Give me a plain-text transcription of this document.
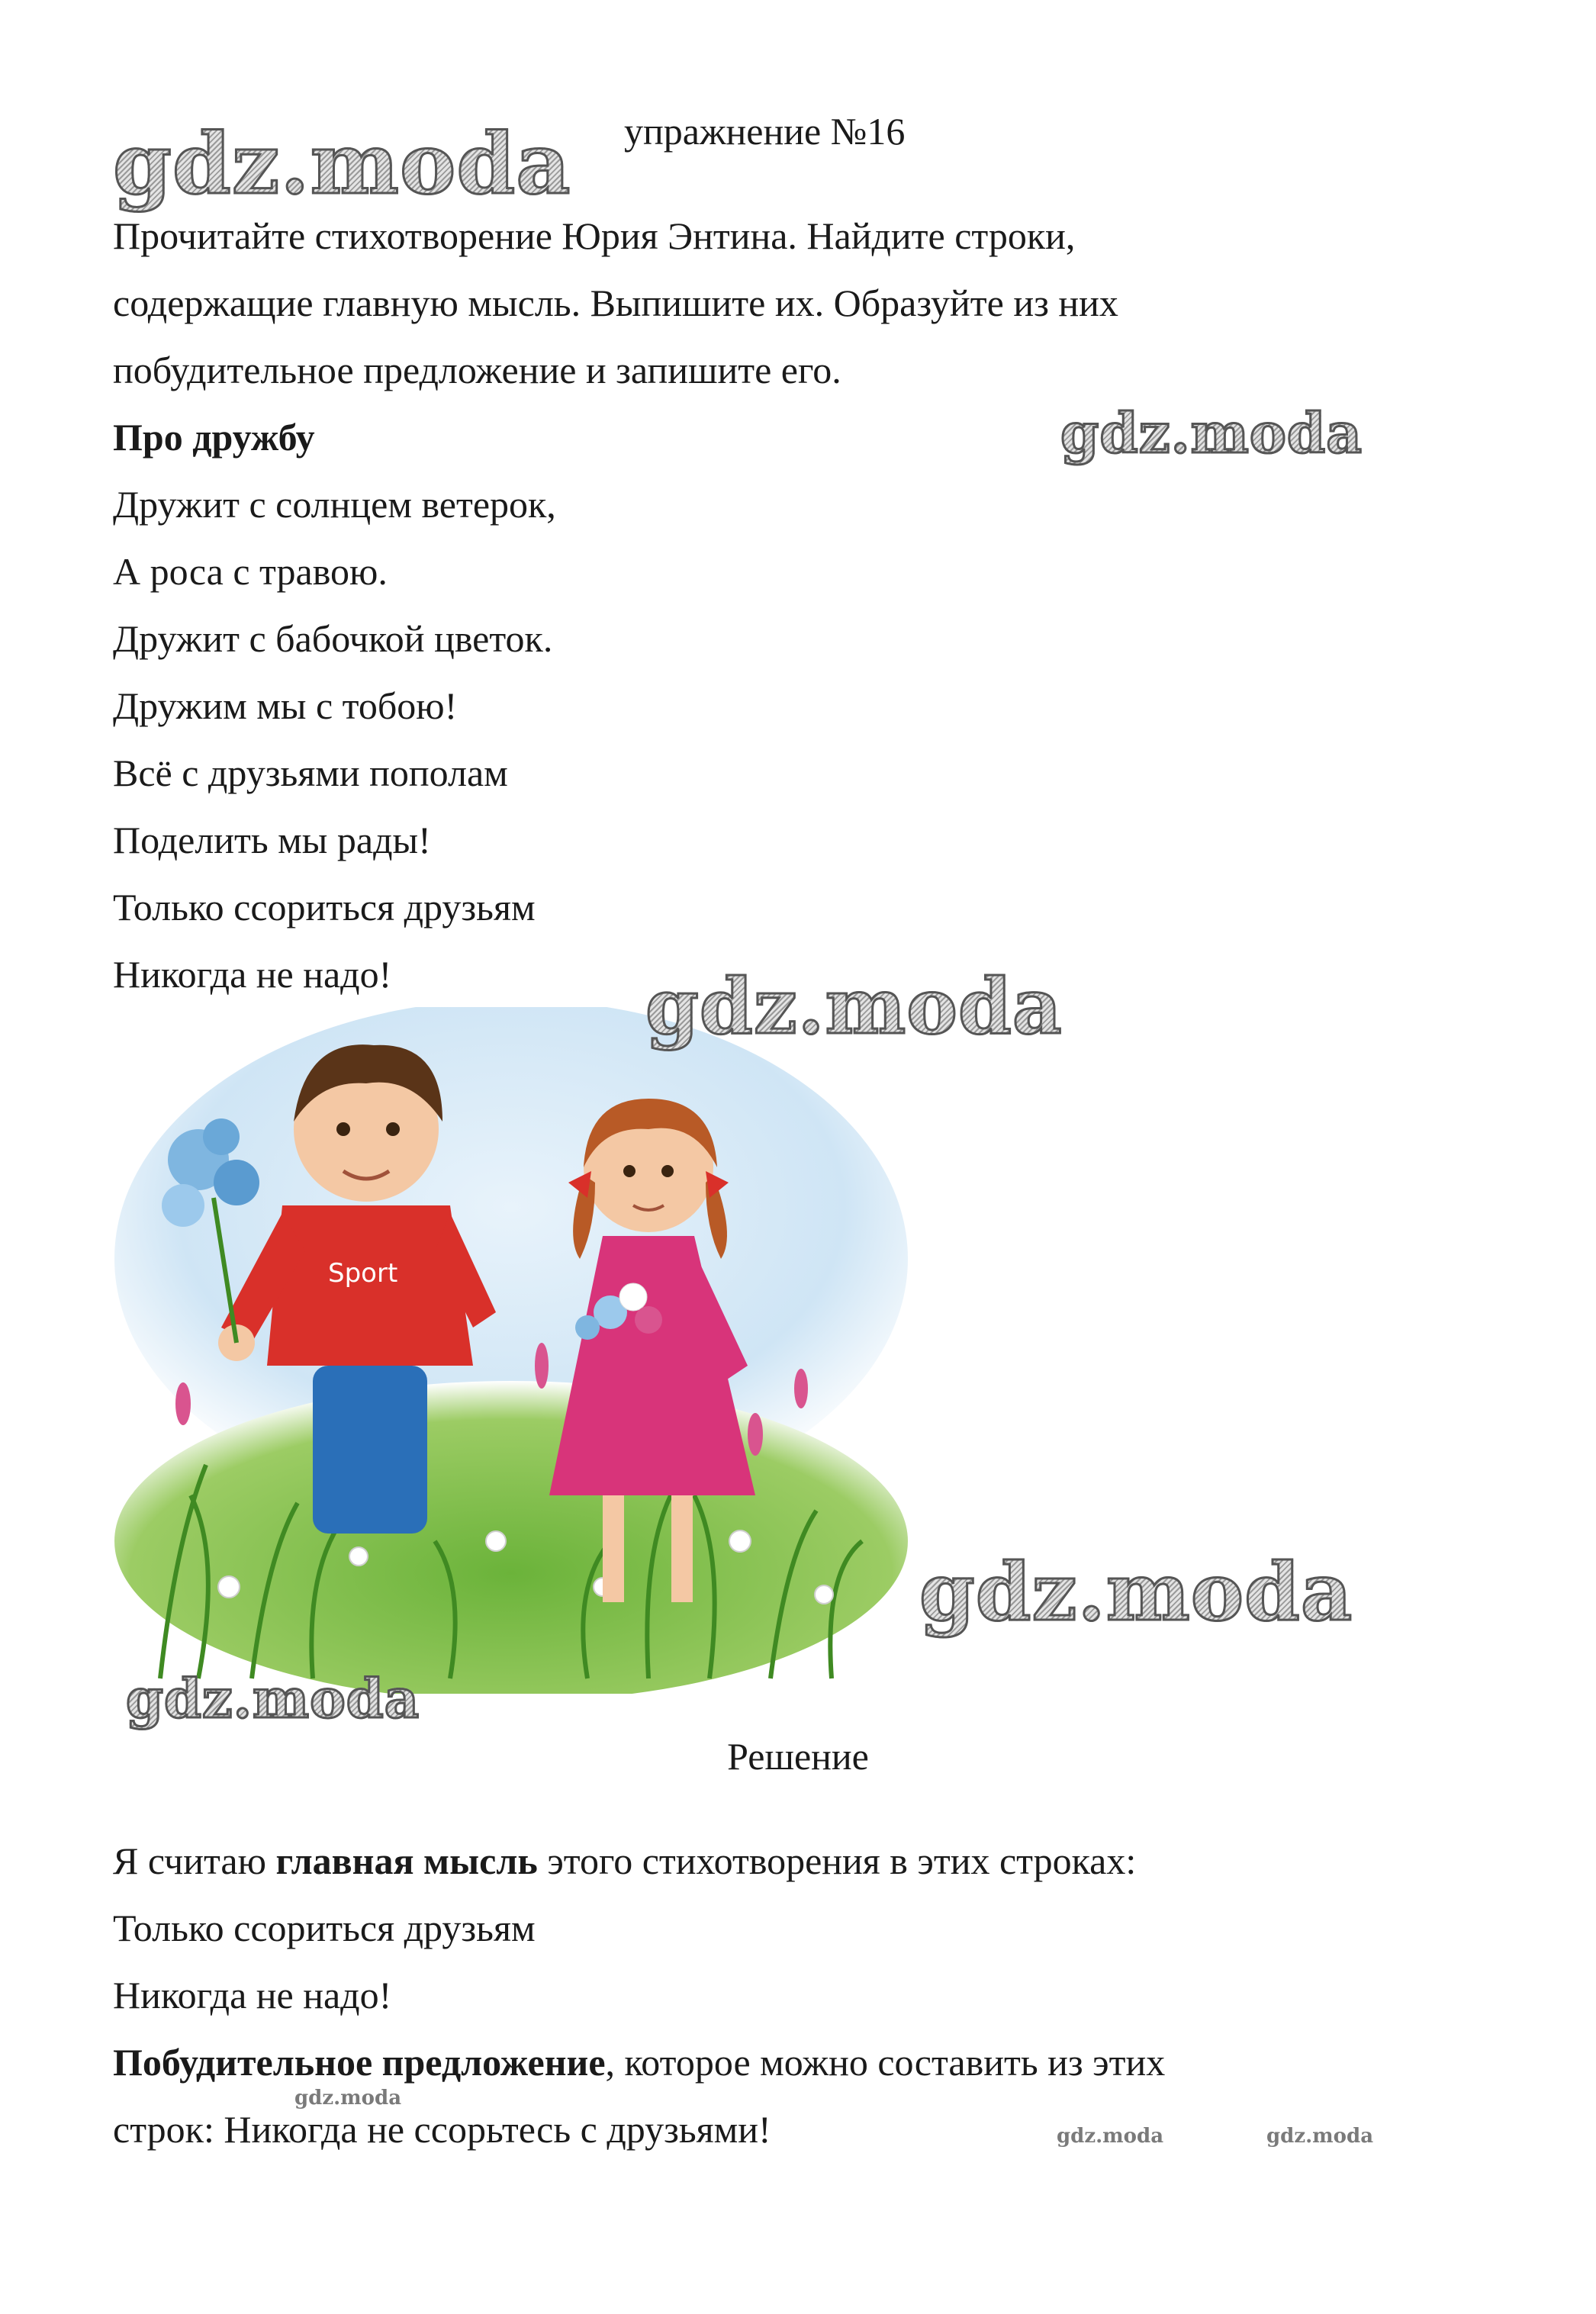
упражнение №16
Прочитайте стихотворение Юрия Энтина. Найдите строки,
содержащие главную мысль. Выпишите их. Образуйте из них
побудительное предложение и запишите его.
Про дружбу
Дружит с солнцем ветерок,
А роса с травою.
Дружит с бабочкой цветок.
Дружим мы с тобою!
Всё с друзьями пополам
Поделить мы рады!
Только ссориться друзьям
Никогда не надо!
Sport
Решение
Я считаю главная мысль этого стихотворения в этих строках:
Только ссориться друзьям
Никогда не надо!
Побудительное предложение, которое можно составить из этих
строк: Никогда не ссорьтесь с друзьями!
gdz.moda
gdz.moda
gdz.moda
gdz.moda
gdz.moda
gdz.moda
gdz.moda	gdz.moda
